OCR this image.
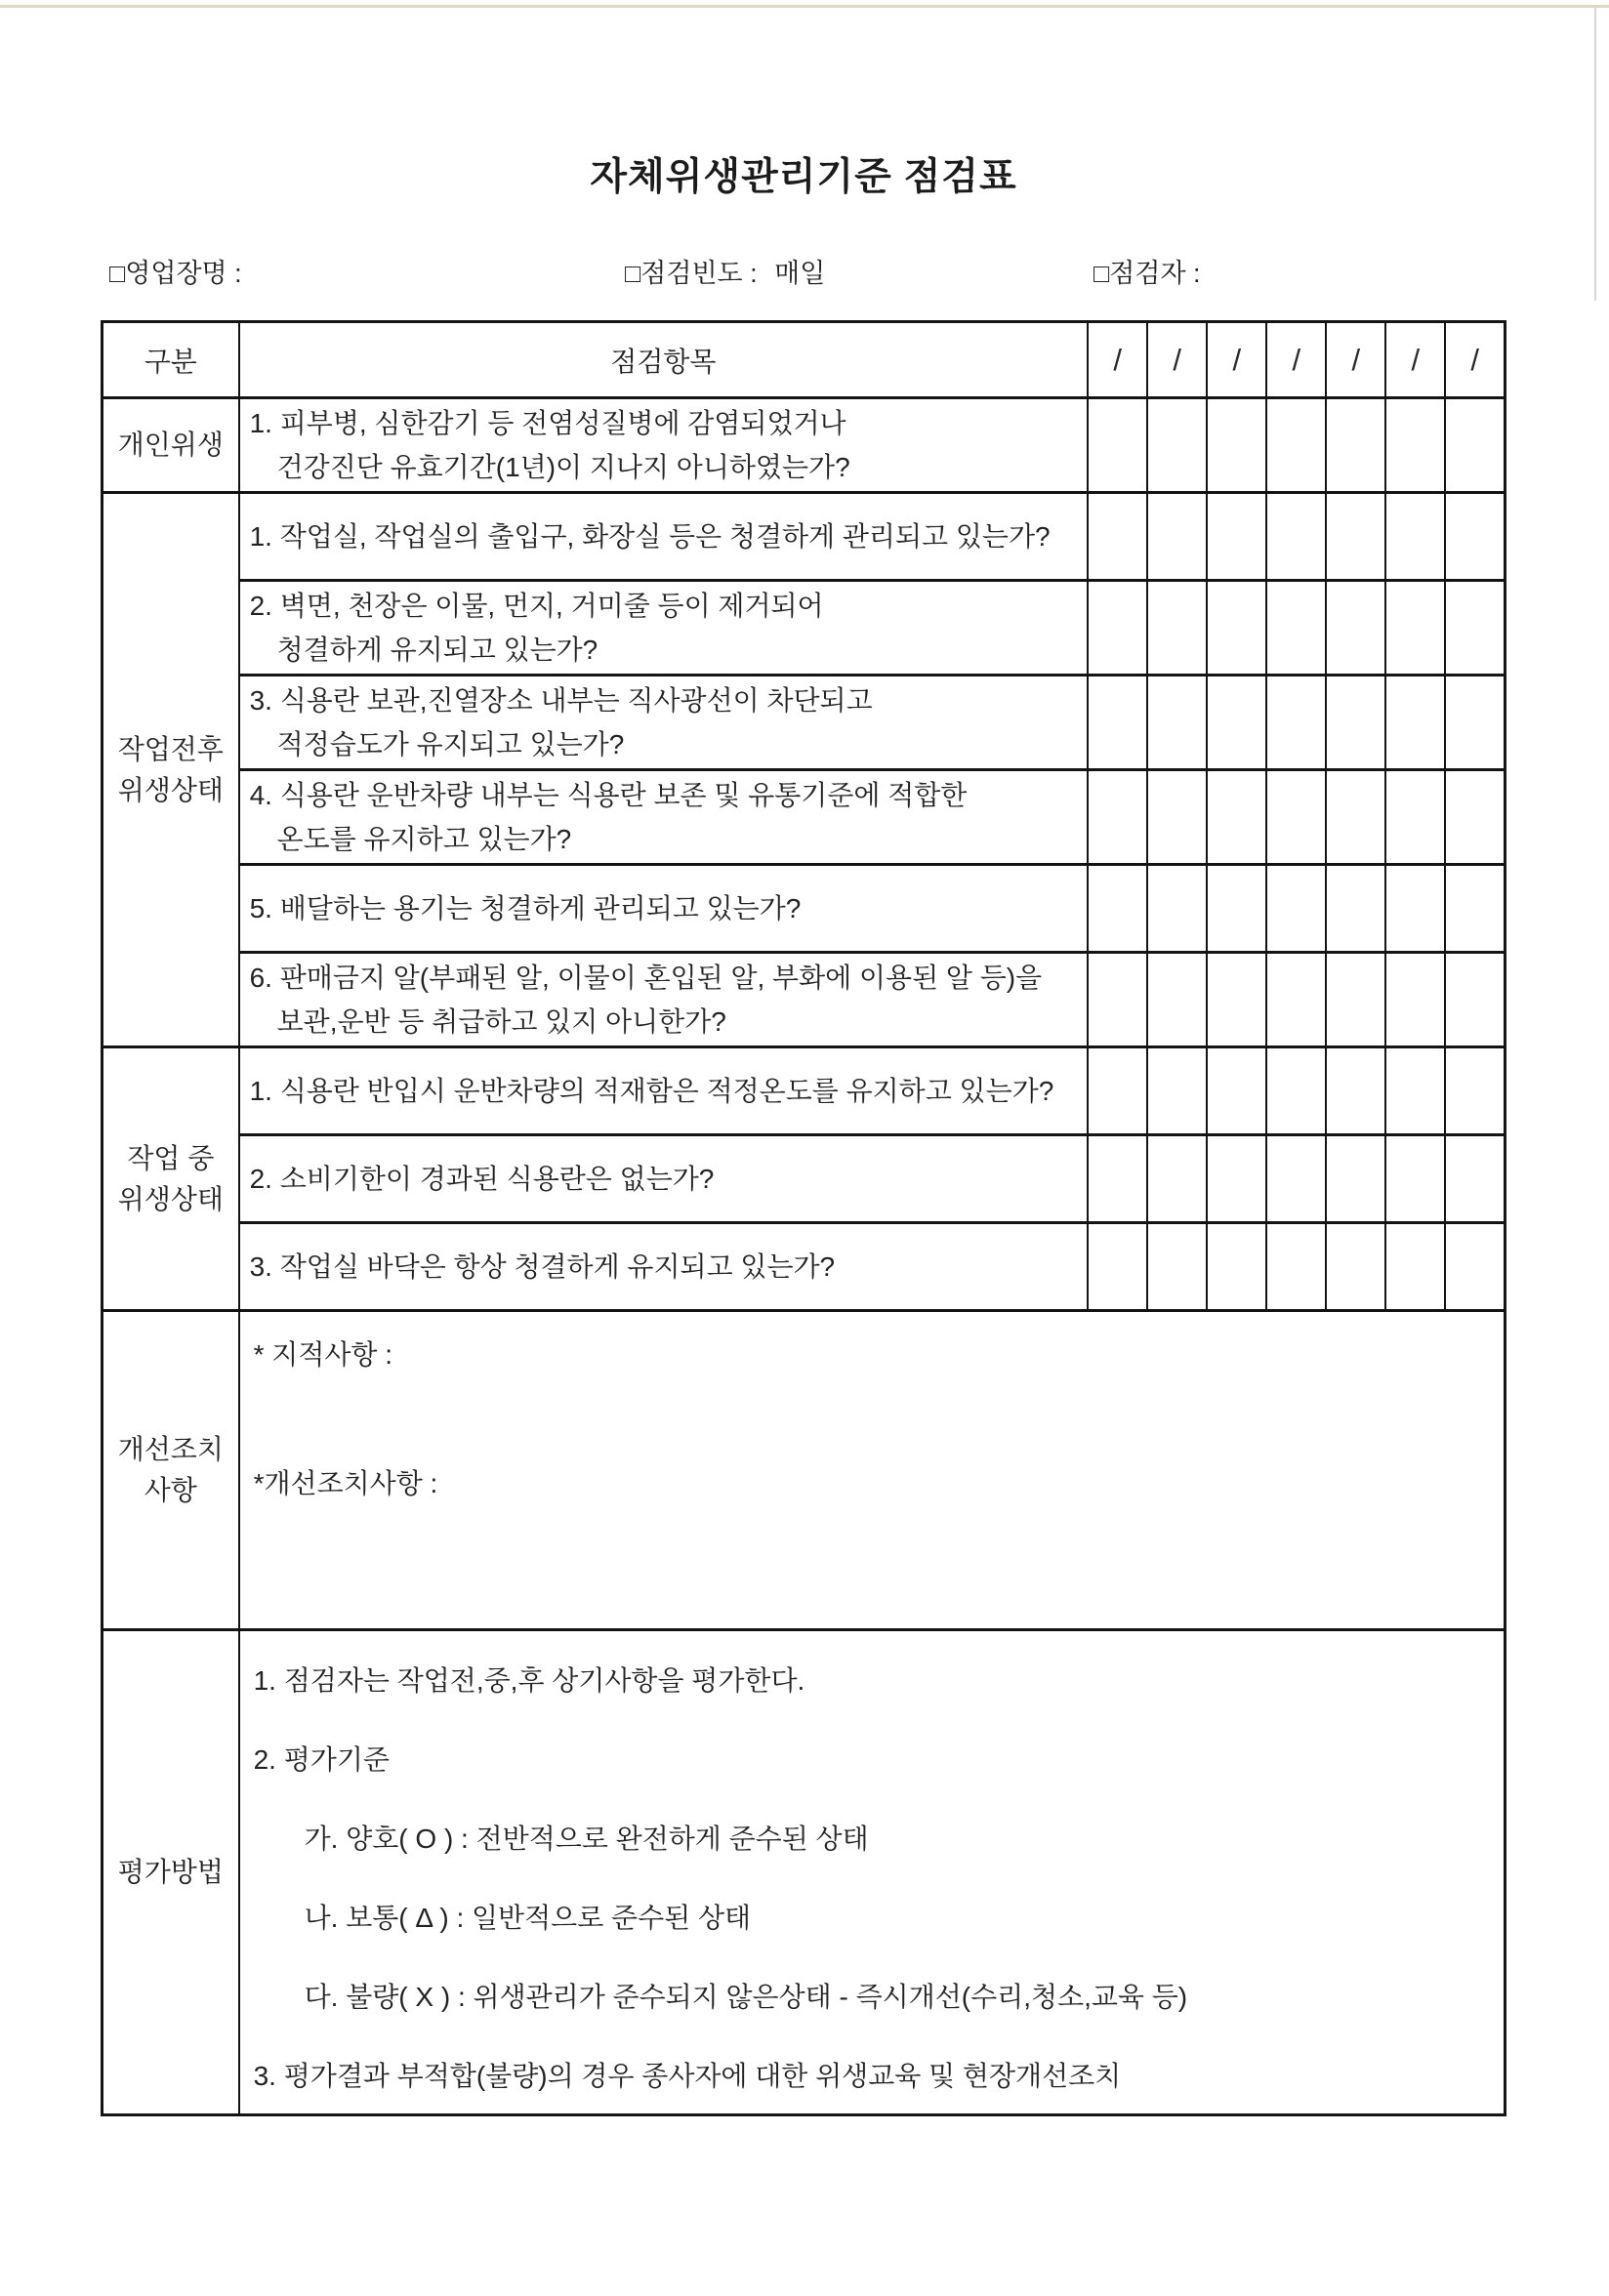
자체위생관리기준 점검표
□영업장명 :	□점검빈도 : 매일	□점검자 :
구분	점검항목	/	/	/	/	/	/	/

개인위생	1. 피부병, 심한감기 등 전염성질병에 감염되었거나
건강진단 유효기간(1년)이 지나지 아니하였는가?							

작업전후
위생상태	1. 작업실, 작업실의 출입구, 화장실 등은 청결하게 관리되고 있는가?							

	2. 벽면, 천장은 이물, 먼지, 거미줄 등이 제거되어
청결하게 유지되고 있는가?							

	3. 식용란 보관,진열장소 내부는 직사광선이 차단되고
적정습도가 유지되고 있는가?							

	4. 식용란 운반차량 내부는 식용란 보존 및 유통기준에 적합한
온도를 유지하고 있는가?							

	5. 배달하는 용기는 청결하게 관리되고 있는가?							

	6. 판매금지 알(부패된 알, 이물이 혼입된 알, 부화에 이용된 알 등)을
보관,운반 등 취급하고 있지 아니한가?							

작업 중
위생상태	1. 식용란 반입시 운반차량의 적재함은 적정온도를 유지하고 있는가?							

	2. 소비기한이 경과된 식용란은 없는가?							

	3. 작업실 바닥은 항상 청결하게 유지되고 있는가?							

개선조치
사항

* 지적사항 :
*개선조치사항 :

평가방법

1. 점검자는 작업전,중,후 상기사항을 평가한다.
2. 평가기준
가. 양호( O ) : 전반적으로 완전하게 준수된 상태
나. 보통( Δ ) : 일반적으로 준수된 상태
다. 불량( X ) : 위생관리가 준수되지 않은상태 - 즉시개선(수리,청소,교육 등)
3. 평가결과 부적합(불량)의 경우 종사자에 대한 위생교육 및 현장개선조치
